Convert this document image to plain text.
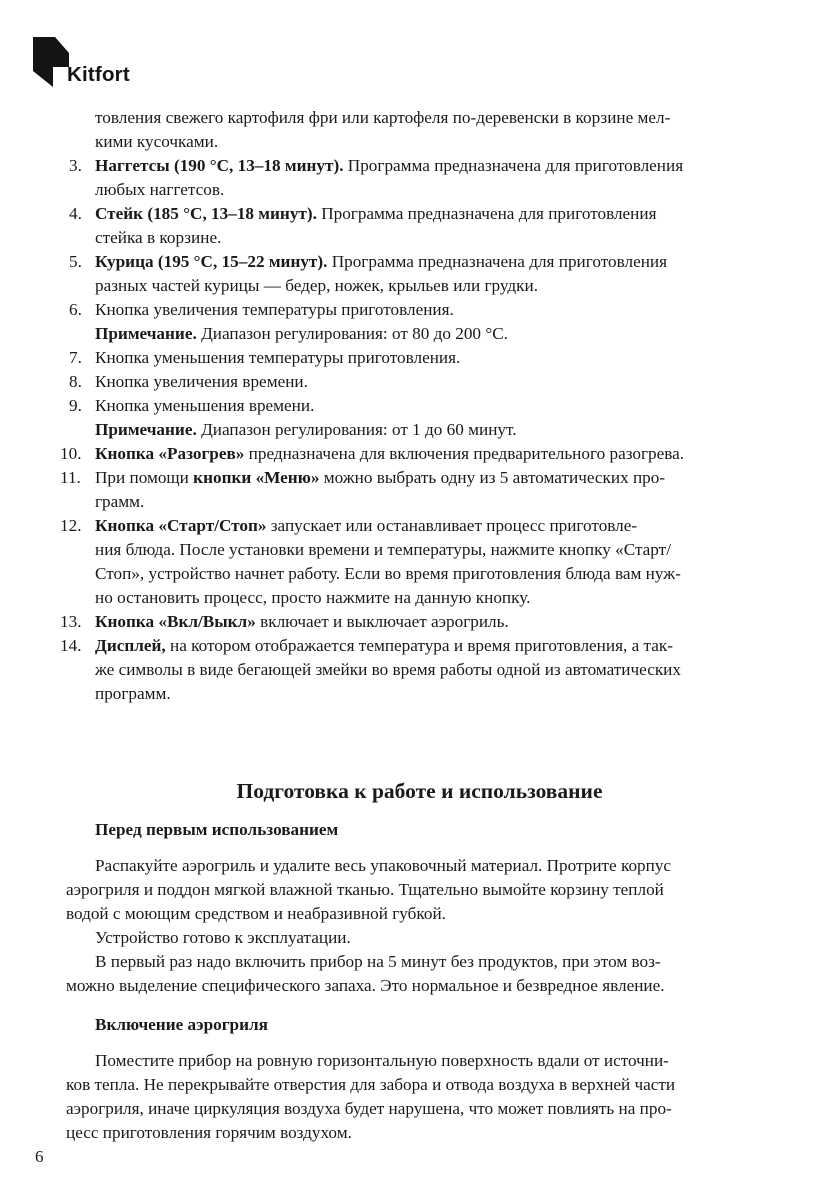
Kitfort
товления свежего картофиля фри или картофеля по-деревенски в корзине мел-
кими кусочками.
3. Наггетсы (190 °C, 13–18 минут). Программа предназначена для приготовления
любых наггетсов.
4. Стейк (185 °C, 13–18 минут). Программа предназначена для приготовления
стейка в корзине.
5. Курица (195 °C, 15–22 минут). Программа предназначена для приготовления
разных частей курицы — бедер, ножек, крыльев или грудки.
6. Кнопка увеличения температуры приготовления.
Примечание. Диапазон регулирования: от 80 до 200 °C.
7. Кнопка уменьшения температуры приготовления.
8. Кнопка увеличения времени.
9. Кнопка уменьшения времени.
Примечание. Диапазон регулирования: от 1 до 60 минут.
10. Кнопка «Разогрев» предназначена для включения предварительного разогрева.
11. При помощи кнопки «Меню» можно выбрать одну из 5 автоматических про-
грамм.
12. Кнопка «Старт/Стоп» запускает или останавливает процесс приготовле-
ния блюда. После установки времени и температуры, нажмите кнопку «Старт/
Стоп», устройство начнет работу. Если во время приготовления блюда вам нуж-
но остановить процесс, просто нажмите на данную кнопку.
13. Кнопка «Вкл/Выкл» включает и выключает аэрогриль.
14. Дисплей, на котором отображается температура и время приготовления, а так-
же символы в виде бегающей змейки во время работы одной из автоматических
программ.
Подготовка к работе и использование
Перед первым использованием
Распакуйте аэрогриль и удалите весь упаковочный материал. Протрите корпус
аэрогриля и поддон мягкой влажной тканью. Тщательно вымойте корзину теплой
водой с моющим средством и неабразивной губкой.
Устройство готово к эксплуатации.
В первый раз надо включить прибор на 5 минут без продуктов, при этом воз-
можно выделение специфического запаха. Это нормальное и безвредное явление.
Включение аэрогриля
Поместите прибор на ровную горизонтальную поверхность вдали от источни-
ков тепла. Не перекрывайте отверстия для забора и отвода воздуха в верхней части
аэрогриля, иначе циркуляция воздуха будет нарушена, что может повлиять на про-
цесс приготовления горячим воздухом.
6
